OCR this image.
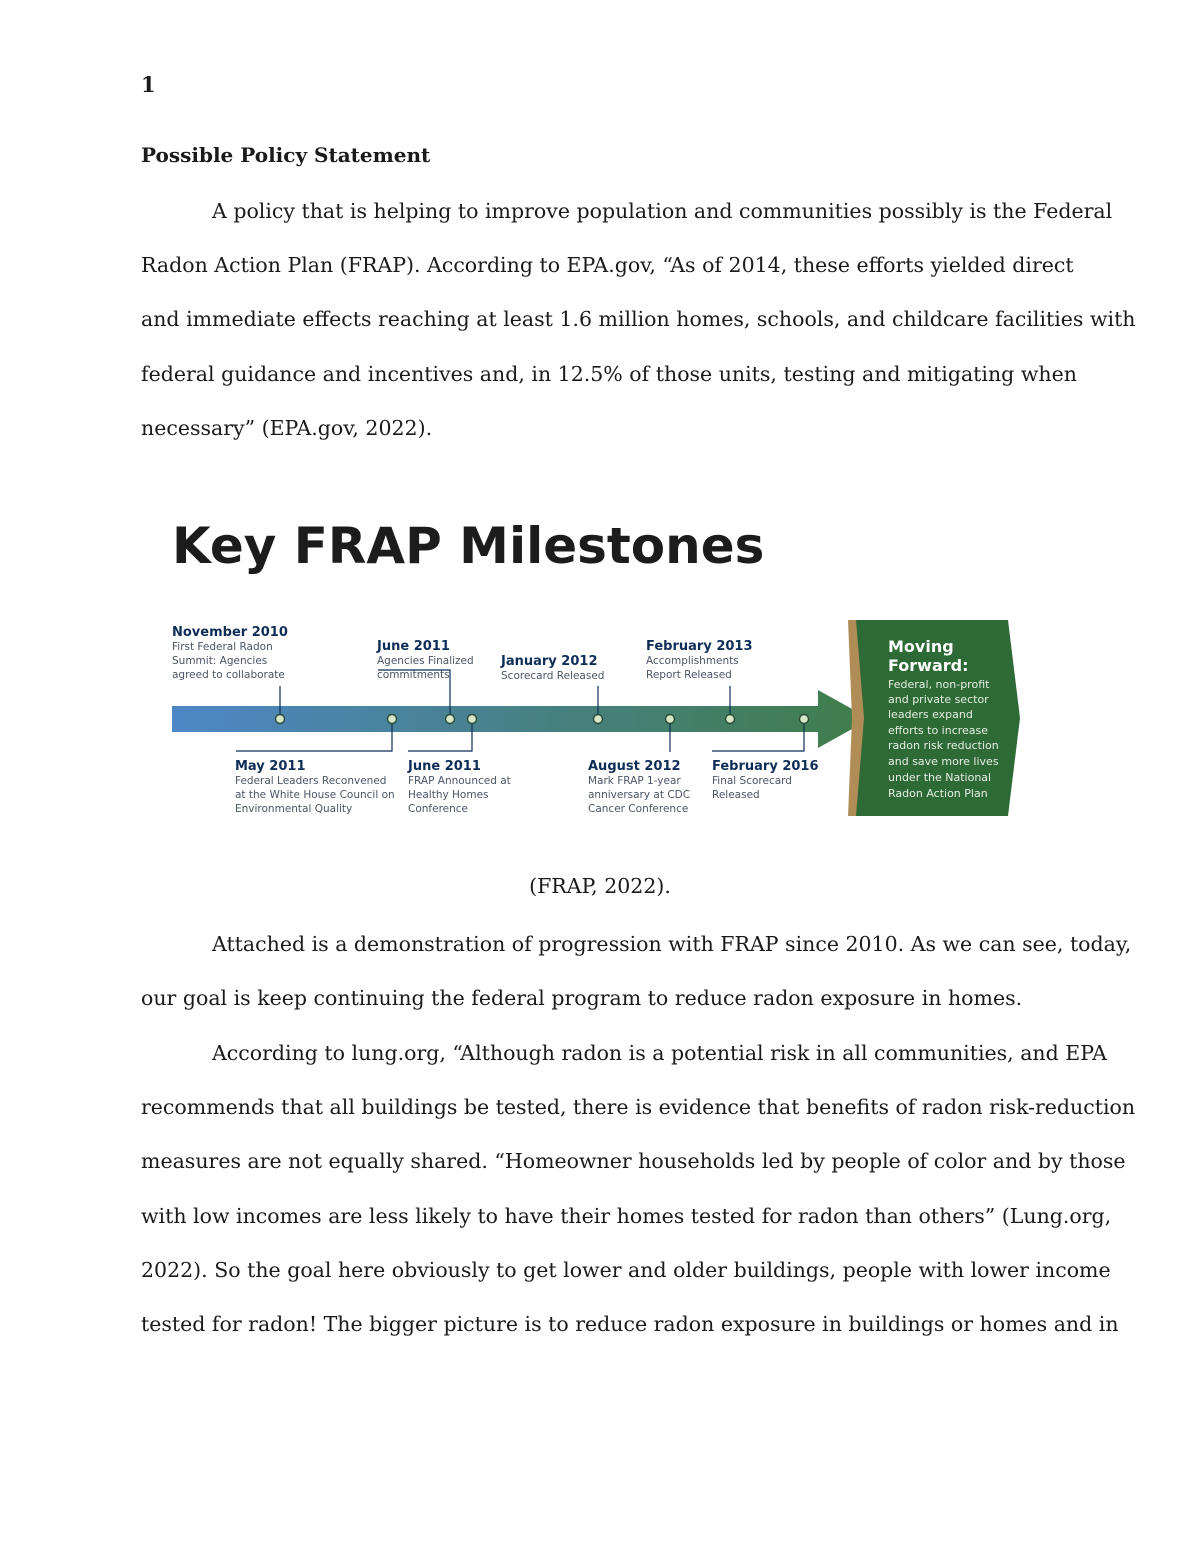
1
Possible Policy Statement
A policy that is helping to improve population and communities possibly is the Federal
Radon Action Plan (FRAP). According to EPA.gov, “As of 2014, these efforts yielded direct
and immediate effects reaching at least 1.6 million homes, schools, and childcare facilities with
federal guidance and incentives and, in 12.5% of those units, testing and mitigating when
necessary” (EPA.gov, 2022).
Key FRAP Milestones
November 2010
First Federal Radon
Summit: Agencies
agreed to collaborate
June 2011
Agencies Finalized
commitments
January 2012
Scorecard Released
February 2013
Accomplishments
Report Released
May 2011
Federal Leaders Reconvened
at the White House Council on
Environmental Quality
June 2011
FRAP Announced at
Healthy Homes
Conference
August 2012
Mark FRAP 1-year
anniversary at CDC
Cancer Conference
February 2016
Final Scorecard
Released
Moving
Forward:
Federal, non-profit
and private sector
leaders expand
efforts to increase
radon risk reduction
and save more lives
under the National
Radon Action Plan
(FRAP, 2022).
Attached is a demonstration of progression with FRAP since 2010. As we can see, today,
our goal is keep continuing the federal program to reduce radon exposure in homes.
According to lung.org, “Although radon is a potential risk in all communities, and EPA
recommends that all buildings be tested, there is evidence that benefits of radon risk-reduction
measures are not equally shared. “Homeowner households led by people of color and by those
with low incomes are less likely to have their homes tested for radon than others” (Lung.org,
2022). So the goal here obviously to get lower and older buildings, people with lower income
tested for radon! The bigger picture is to reduce radon exposure in buildings or homes and in
